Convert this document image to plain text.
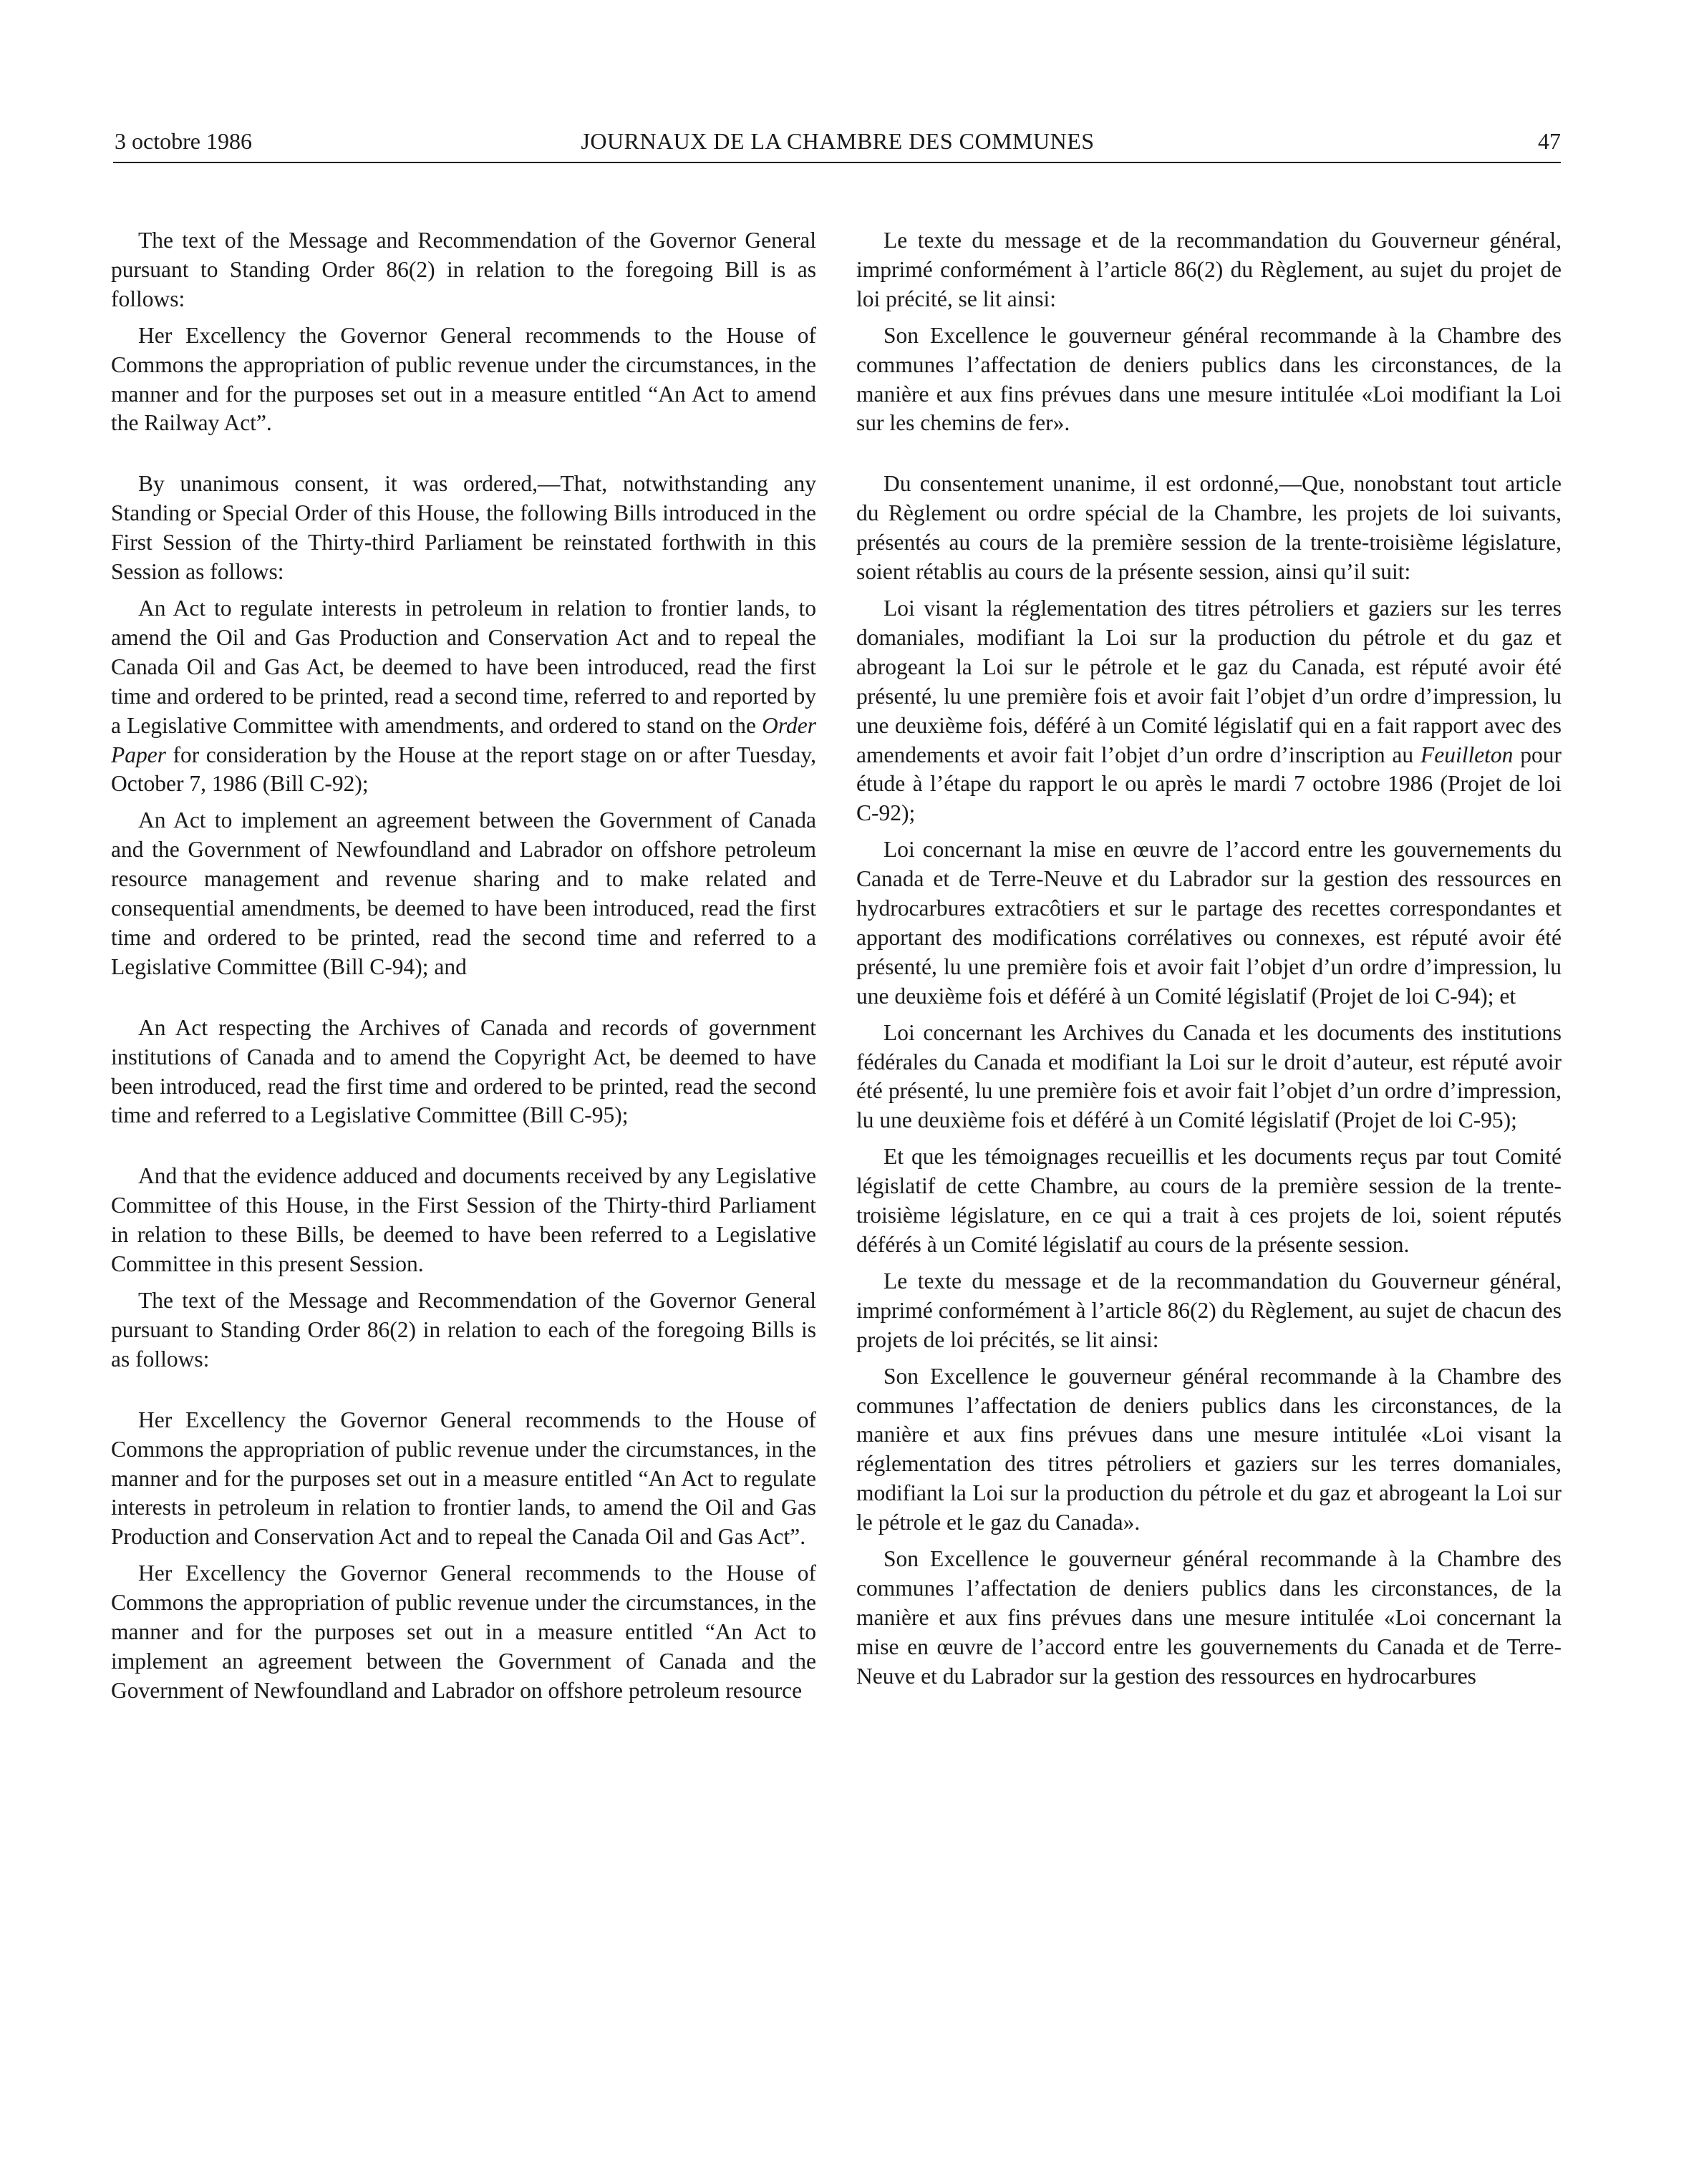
3 octobre 1986	JOURNAUX DE LA CHAMBRE DES COMMUNES	47

The text of the Message and Recommendation of the Governor General pursuant to Standing Order 86(2) in relation to the foregoing Bill is as follows:

Her Excellency the Governor General recommends to the House of Commons the appropriation of public revenue under the circumstances, in the manner and for the purposes set out in a measure entitled “An Act to amend the Railway Act”.

By unanimous consent, it was ordered,—That, notwithstanding any Standing or Special Order of this House, the following Bills introduced in the First Session of the Thirty-third Parliament be reinstated forthwith in this Session as follows:

An Act to regulate interests in petroleum in relation to frontier lands, to amend the Oil and Gas Production and Conservation Act and to repeal the Canada Oil and Gas Act, be deemed to have been introduced, read the first time and ordered to be printed, read a second time, referred to and reported by a Legislative Committee with amendments, and ordered to stand on the Order Paper for consideration by the House at the report stage on or after Tuesday, October 7, 1986 (Bill C-92);

An Act to implement an agreement between the Government of Canada and the Government of Newfoundland and Labrador on offshore petroleum resource management and revenue sharing and to make related and consequential amendments, be deemed to have been introduced, read the first time and ordered to be printed, read the second time and referred to a Legislative Committee (Bill C-94); and

An Act respecting the Archives of Canada and records of government institutions of Canada and to amend the Copyright Act, be deemed to have been introduced, read the first time and ordered to be printed, read the second time and referred to a Legislative Committee (Bill C-95);

And that the evidence adduced and documents received by any Legislative Committee of this House, in the First Session of the Thirty-third Parliament in relation to these Bills, be deemed to have been referred to a Legislative Committee in this present Session.

The text of the Message and Recommendation of the Governor General pursuant to Standing Order 86(2) in relation to each of the foregoing Bills is as follows:

Her Excellency the Governor General recommends to the House of Commons the appropriation of public revenue under the circumstances, in the manner and for the purposes set out in a measure entitled “An Act to regulate interests in petroleum in relation to frontier lands, to amend the Oil and Gas Production and Conservation Act and to repeal the Canada Oil and Gas Act”.

Her Excellency the Governor General recommends to the House of Commons the appropriation of public revenue under the circumstances, in the manner and for the purposes set out in a measure entitled “An Act to implement an agreement between the Government of Canada and the Government of Newfoundland and Labrador on offshore petroleum resource

Le texte du message et de la recommandation du Gouverneur général, imprimé conformément à l’article 86(2) du Règlement, au sujet du projet de loi précité, se lit ainsi:

Son Excellence le gouverneur général recommande à la Chambre des communes l’affectation de deniers publics dans les circonstances, de la manière et aux fins prévues dans une mesure intitulée «Loi modifiant la Loi sur les chemins de fer».

Du consentement unanime, il est ordonné,—Que, nonobstant tout article du Règlement ou ordre spécial de la Chambre, les projets de loi suivants, présentés au cours de la première session de la trente-troisième législature, soient rétablis au cours de la présente session, ainsi qu’il suit:

Loi visant la réglementation des titres pétroliers et gaziers sur les terres domaniales, modifiant la Loi sur la production du pétrole et du gaz et abrogeant la Loi sur le pétrole et le gaz du Canada, est réputé avoir été présenté, lu une première fois et avoir fait l’objet d’un ordre d’impression, lu une deuxième fois, déféré à un Comité législatif qui en a fait rapport avec des amendements et avoir fait l’objet d’un ordre d’inscription au Feuilleton pour étude à l’étape du rapport le ou après le mardi 7 octobre 1986 (Projet de loi C-92);

Loi concernant la mise en œuvre de l’accord entre les gouvernements du Canada et de Terre-Neuve et du Labrador sur la gestion des ressources en hydrocarbures extracôtiers et sur le partage des recettes correspondantes et apportant des modifications corrélatives ou connexes, est réputé avoir été présenté, lu une première fois et avoir fait l’objet d’un ordre d’impression, lu une deuxième fois et déféré à un Comité législatif (Projet de loi C-94); et

Loi concernant les Archives du Canada et les documents des institutions fédérales du Canada et modifiant la Loi sur le droit d’auteur, est réputé avoir été présenté, lu une première fois et avoir fait l’objet d’un ordre d’impression, lu une deuxième fois et déféré à un Comité législatif (Projet de loi C-95);

Et que les témoignages recueillis et les documents reçus par tout Comité législatif de cette Chambre, au cours de la première session de la trente-troisième législature, en ce qui a trait à ces projets de loi, soient réputés déférés à un Comité législatif au cours de la présente session.

Le texte du message et de la recommandation du Gouverneur général, imprimé conformément à l’article 86(2) du Règlement, au sujet de chacun des projets de loi précités, se lit ainsi:

Son Excellence le gouverneur général recommande à la Chambre des communes l’affectation de deniers publics dans les circonstances, de la manière et aux fins prévues dans une mesure intitulée «Loi visant la réglementation des titres pétroliers et gaziers sur les terres domaniales, modifiant la Loi sur la production du pétrole et du gaz et abrogeant la Loi sur le pétrole et le gaz du Canada».

Son Excellence le gouverneur général recommande à la Chambre des communes l’affectation de deniers publics dans les circonstances, de la manière et aux fins prévues dans une mesure intitulée «Loi concernant la mise en œuvre de l’accord entre les gouvernements du Canada et de Terre-Neuve et du Labrador sur la gestion des ressources en hydrocarbures
